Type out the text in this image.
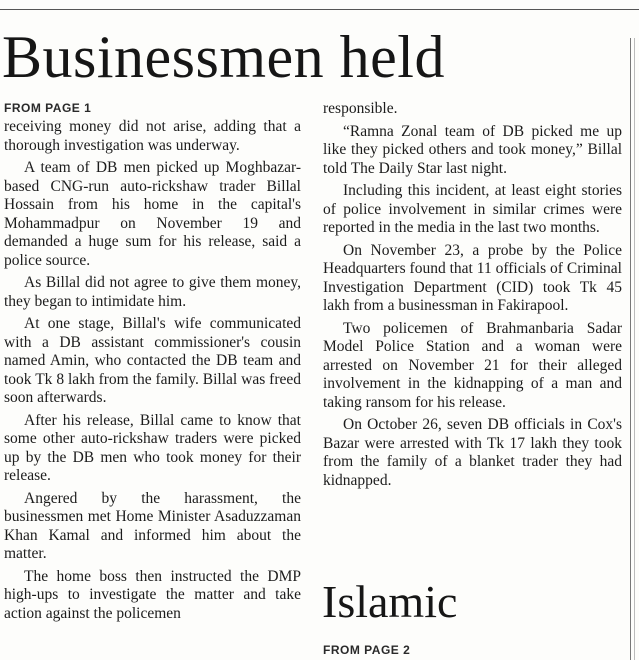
Businessmen held
FROM PAGE 1

receiving money did not arise, adding that a thorough investigation was underway.

A team of DB men picked up Moghbazar-based CNG-run auto-rickshaw trader Billal Hossain from his home in the capital's Mohammadpur on November 19 and demanded a huge sum for his release, said a police source.

As Billal did not agree to give them money, they began to intimidate him.

At one stage, Billal's wife communicated with a DB assistant commissioner's cousin named Amin, who contacted the DB team and took Tk 8 lakh from the family. Billal was freed soon afterwards.

After his release, Billal came to know that some other auto-rickshaw traders were picked up by the DB men who took money for their release.

Angered by the harassment, the businessmen met Home Minister Asaduzzaman Khan Kamal and informed him about the matter.

The home boss then instructed the DMP high-ups to investigate the matter and take action against the policemen

responsible.

“Ramna Zonal team of DB picked me up like they picked others and took money,” Billal told The Daily Star last night.

Including this incident, at least eight stories of police involvement in similar crimes were reported in the media in the last two months.

On November 23, a probe by the Police Headquarters found that 11 officials of Criminal Investigation Department (CID) took Tk 45 lakh from a businessman in Fakirapool.

Two policemen of Brahmanbaria Sadar Model Police Station and a woman were arrested on November 21 for their alleged involvement in the kidnapping of a man and taking ransom for his release.

On October 26, seven DB officials in Cox's Bazar were arrested with Tk 17 lakh they took from the family of a blanket trader they had kidnapped.

Islamic
FROM PAGE 2
